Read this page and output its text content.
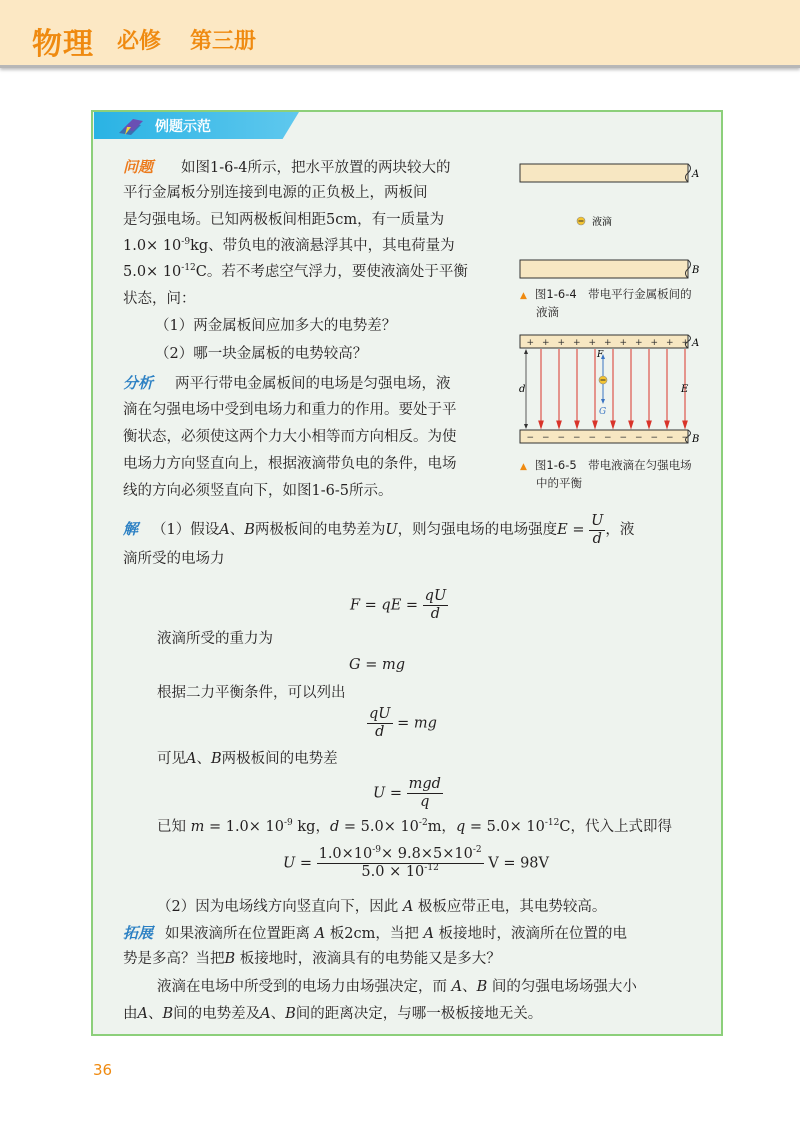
物理 必修 第三册
例题示范

问题 如图1-6-4所示，把水平放置的两块较大的

平行金属板分别连接到电源的正负极上，两板间

是匀强电场。已知两极板间相距5cm，有一质量为

$1.0\times 10^{-9}kg$、带负电的液滴悬浮其中，其电荷量为

$5.0\times 10^{-12}C$。若不考虑空气浮力，要使液滴处于平衡

状态，问：

（1）两金属板间应加多大的电势差？

（2）哪一块金属板的电势较高？

分析 两平行带电金属板间的电场是匀强电场，液

滴在匀强电场中受到电场力和重力的作用。要处于平

衡状态，必须使这两个力大小相等而方向相反。为使

电场力方向竖直向上，根据液滴带负电的条件，电场

线的方向必须竖直向下，如图1-6-5所示。

解 （1）假设A、B两极板间的电势差为U，则匀强电场的电场强度$E = \frac{U}{d}$ ，液

滴所受的电场力

F = qE = $\frac{qU}{d}$

液滴所受的重力为

G = mg

根据二力平衡条件，可以列出

$\frac{qU}{d}$ = mg

可见A、B两极板间的电势差

$U = \frac{\text{mgd}}{q}$

已知 $m = 1.0\times 10^{-9}$ kg，$d = 5.0\times 10^{-2}m$，$q = 5.0\times 10^{-12}C$，代入上式即得

$U = \frac{1.0\times 10^{-9}\times 9.8\times 5\times 10^{-2}}{5.0 \times 10^{-12}}$ V = 98V

（2）因为电场线方向竖直向下，因此 A 极板应带正电，其电势较高。

拓展 如果液滴所在位置距离 A 板2cm，当把 A 板接地时，液滴所在位置的电

势是多高？当把B 板接地时，液滴具有的电势能又是多大？

液滴在电场中所受到的电场力由场强决定，而 A、B 间的匀强电场场强大小

由A、B间的电势差及A、B间的距离决定，与哪一极板接地无关。

A
液滴
B
▲ 图1-6-4　带电平行金属板间的
液滴
A
+ + + + + + + + + + +
B
− − − − − − − − − − −
d	E
F
G
▲ 图1-6-5　带电液滴在匀强电场
中的平衡
36
